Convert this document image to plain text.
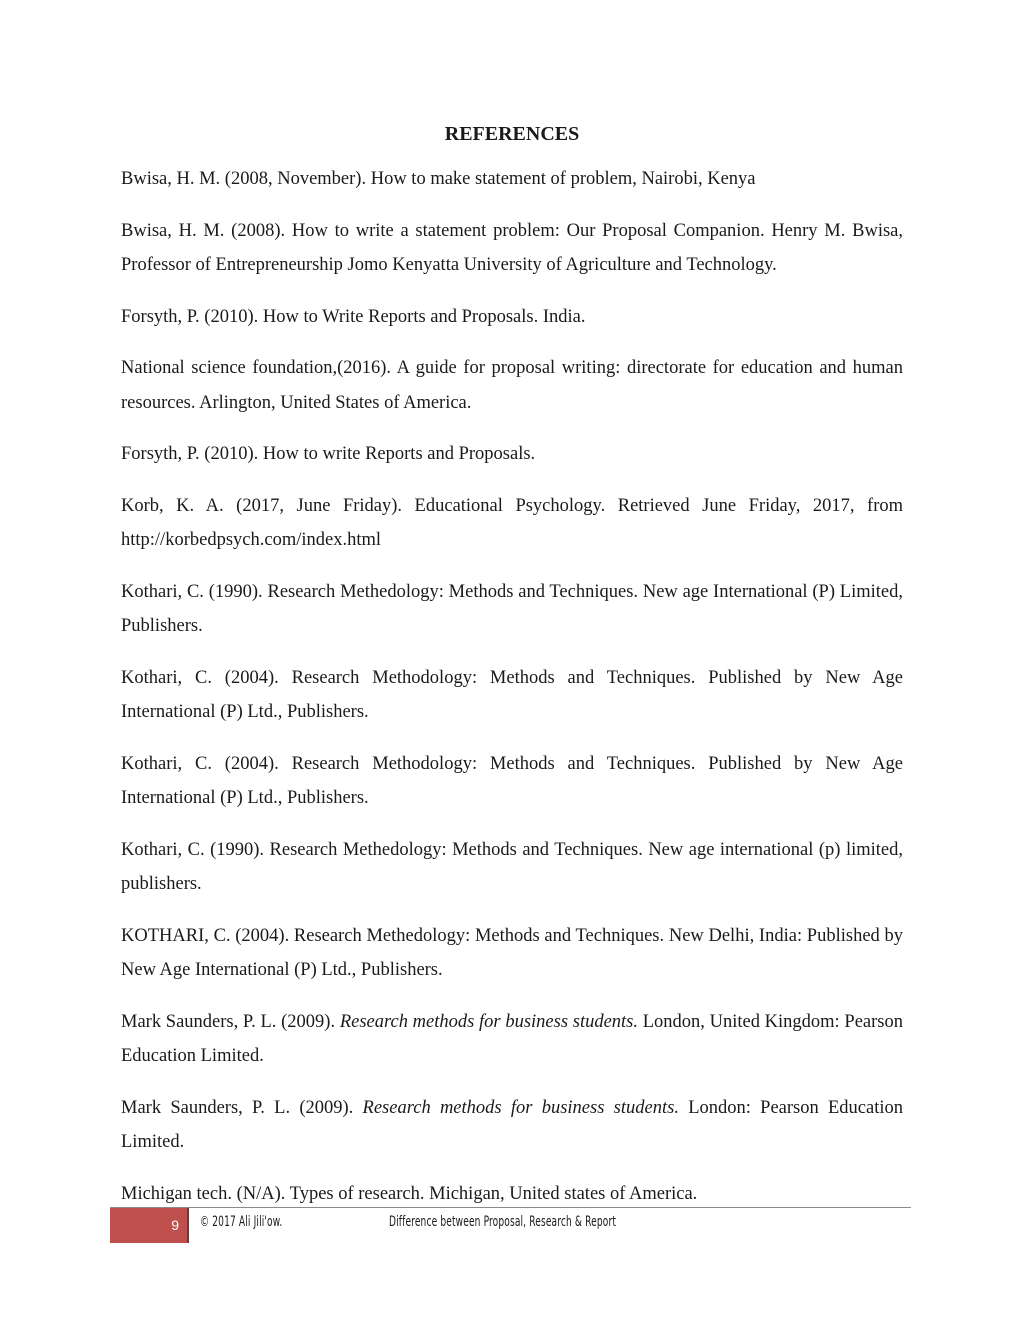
REFERENCES

Bwisa, H. M. (2008, November). How to make statement of problem, Nairobi, Kenya

Bwisa, H. M. (2008). How to write a statement problem: Our Proposal Companion. Henry M. Bwisa, Professor of Entrepreneurship Jomo Kenyatta University of Agriculture and Technology.

Forsyth, P. (2010). How to Write Reports and Proposals. India.

National science foundation,(2016). A guide for proposal writing: directorate for education and human resources. Arlington, United States of America.

Forsyth, P. (2010). How to write Reports and Proposals.

Korb, K. A. (2017, June Friday). Educational Psychology. Retrieved June Friday, 2017, from http://korbedpsych.com/index.html

Kothari, C. (1990). Research Methedology: Methods and Techniques. New age International (P) Limited, Publishers.

Kothari, C. (2004). Research Methodology: Methods and Techniques. Published by New Age International (P) Ltd., Publishers.

Kothari, C. (2004). Research Methodology: Methods and Techniques. Published by New Age International (P) Ltd., Publishers.

Kothari, C. (1990). Research Methedology: Methods and Techniques. New age international (p) limited, publishers.

KOTHARI, C. (2004). Research Methedology: Methods and Techniques. New Delhi, India: Published by New Age International (P) Ltd., Publishers.

Mark Saunders, P. L. (2009). Research methods for business students. London, United Kingdom: Pearson Education Limited.

Mark Saunders, P. L. (2009). Research methods for business students. London: Pearson Education Limited.

Michigan tech. (N/A). Types of research. Michigan, United states of America.

9 © 2017 Ali Jili'ow.	Difference between Proposal, Research & Report
